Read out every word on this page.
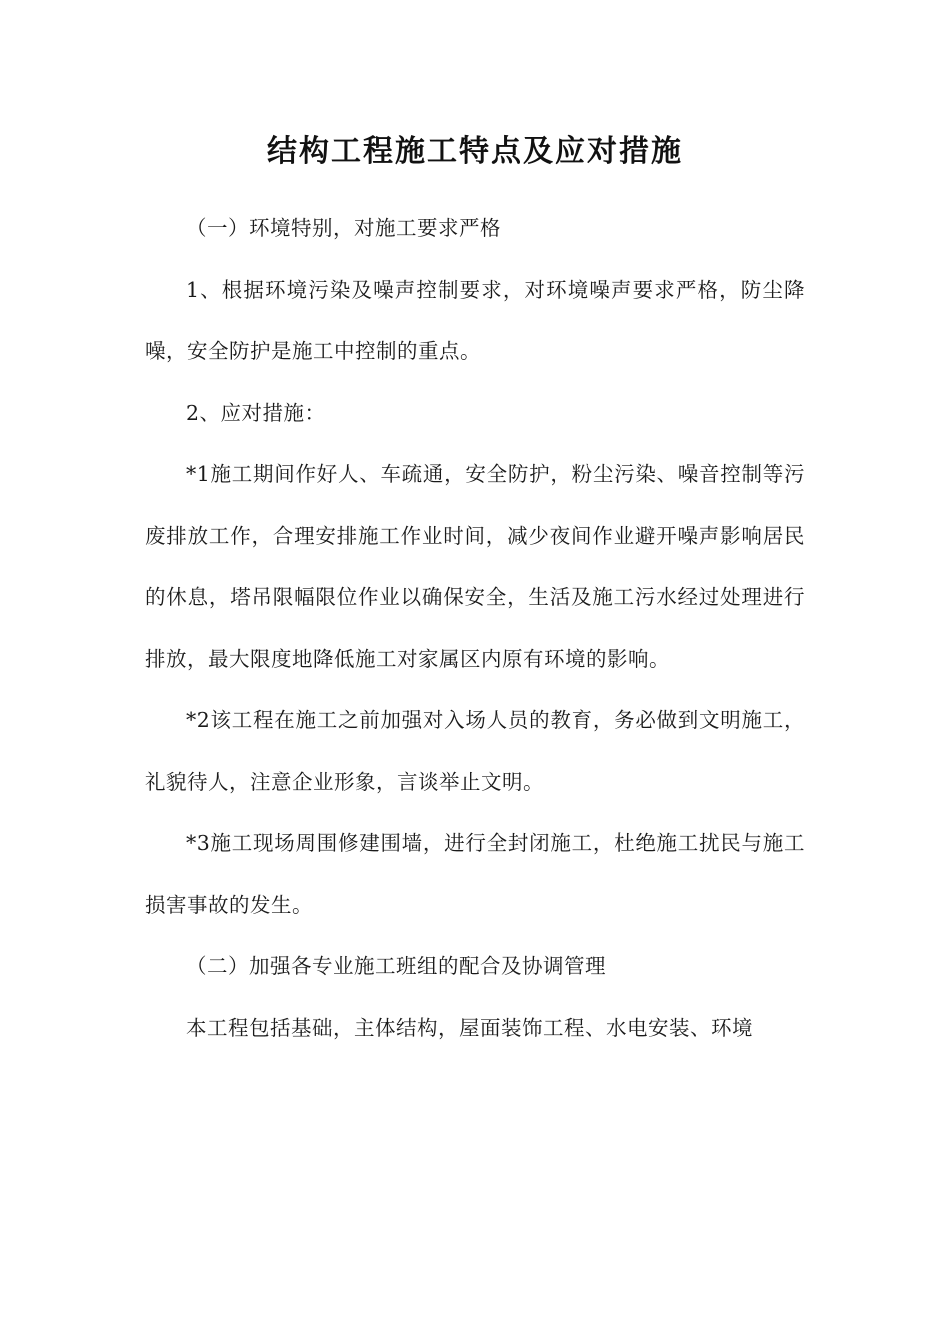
结构工程施工特点及应对措施

（一）环境特别，对施工要求严格

1、根据环境污染及噪声控制要求，对环境噪声要求严格，防尘降噪，安全防护是施工中控制的重点。

2、应对措施：

*1施工期间作好人、车疏通，安全防护，粉尘污染、噪音控制等污废排放工作，合理安排施工作业时间，减少夜间作业避开噪声影响居民的休息，塔吊限幅限位作业以确保安全，生活及施工污水经过处理进行排放，最大限度地降低施工对家属区内原有环境的影响。

*2该工程在施工之前加强对入场人员的教育，务必做到文明施工，礼貌待人，注意企业形象，言谈举止文明。

*3施工现场周围修建围墙，进行全封闭施工，杜绝施工扰民与施工损害事故的发生。

（二）加强各专业施工班组的配合及协调管理

本工程包括基础，主体结构，屋面装饰工程、水电安装、环境
